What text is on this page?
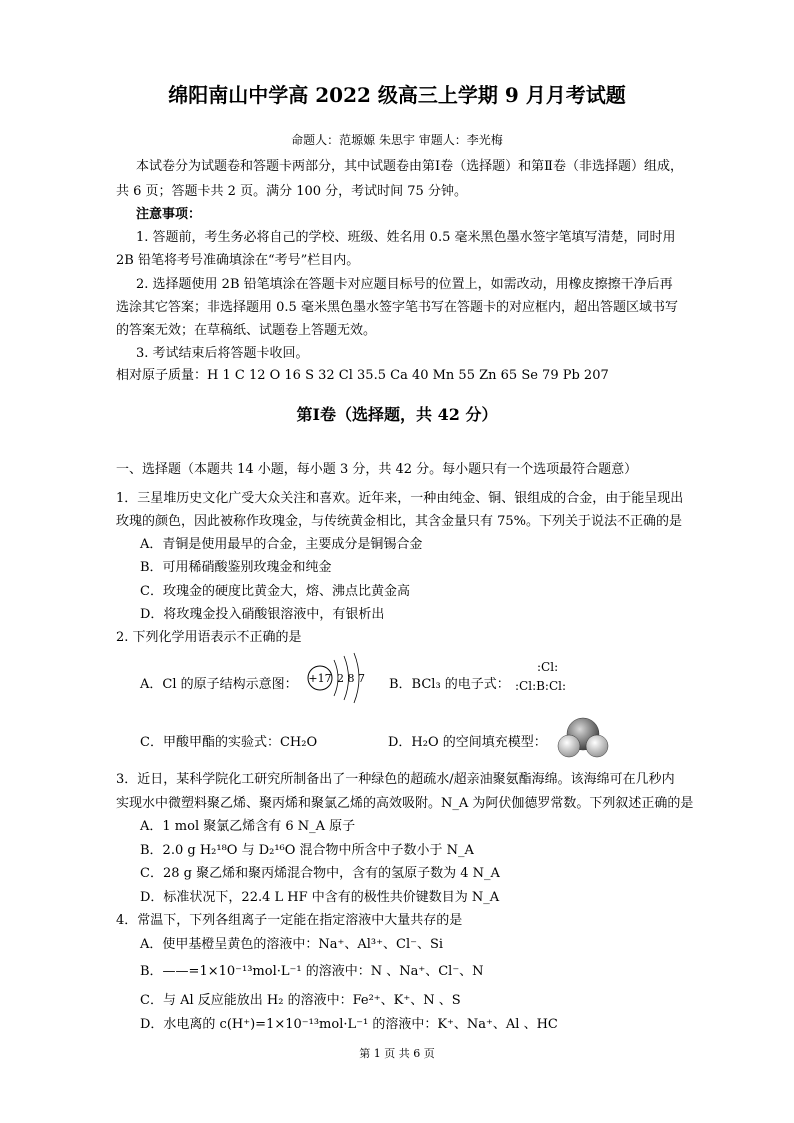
绵阳南山中学高 2022 级高三上学期 9 月月考试题
命题人：范塬嫄 朱思宇 审题人：李光梅
本试卷分为试题卷和答题卡两部分，其中试题卷由第Ⅰ卷（选择题）和第Ⅱ卷（非选择题）组成，
共 6 页；答题卡共 2 页。满分 100 分，考试时间 75 分钟。
注意事项：
1. 答题前，考生务必将自己的学校、班级、姓名用 0.5 毫米黑色墨水签字笔填写清楚，同时用
2B 铅笔将考号准确填涂在“考号”栏目内。
2. 选择题使用 2B 铅笔填涂在答题卡对应题目标号的位置上，如需改动，用橡皮擦擦干净后再
选涂其它答案；非选择题用 0.5 毫米黑色墨水签字笔书写在答题卡的对应框内，超出答题区域书写
的答案无效；在草稿纸、试题卷上答题无效。
3. 考试结束后将答题卡收回。
相对原子质量：H 1 C 12 O 16 S 32 Cl 35.5 Ca 40 Mn 55 Zn 65 Se 79 Pb 207
第Ⅰ卷（选择题，共 42 分）
一、选择题（本题共 14 小题，每小题 3 分，共 42 分。每小题只有一个选项最符合题意）
1．三星堆历史文化广受大众关注和喜欢。近年来，一种由纯金、铜、银组成的合金，由于能呈现出
玫瑰的颜色，因此被称作玫瑰金，与传统黄金相比，其含金量只有 75%。下列关于说法不正确的是
A．青铜是使用最早的合金，主要成分是铜锡合金
B．可用稀硝酸鉴别玫瑰金和纯金
C．玫瑰金的硬度比黄金大，熔、沸点比黄金高
D．将玫瑰金投入硝酸银溶液中，有银析出
2. 下列化学用语表示不正确的是
A．Cl 的原子结构示意图： +17 2 8 7 B．BCl₃ 的电子式：
:Cl:
:Cl:B:Cl:
C．甲酸甲酯的实验式：CH₂O	D．H₂O 的空间填充模型：
3．近日，某科学院化工研究所制备出了一种绿色的超疏水/超亲油聚氨酯海绵。该海绵可在几秒内
实现水中微塑料聚乙烯、聚丙烯和聚氯乙烯的高效吸附。N_A 为阿伏伽德罗常数。下列叙述正确的是
A．1 mol 聚氯乙烯含有 6 N_A 原子
B．2.0 g H₂¹⁸O 与 D₂¹⁶O 混合物中所含中子数小于 N_A
C．28 g 聚乙烯和聚丙烯混合物中，含有的氢原子数为 4 N_A
D．标准状况下，22.4 L HF 中含有的极性共价键数目为 N_A
4．常温下，下列各组离子一定能在指定溶液中大量共存的是
A．使甲基橙呈黄色的溶液中：Na⁺、Al³⁺、Cl⁻、Si
B．——=1×10⁻¹³mol·L⁻¹ 的溶液中：N 、Na⁺、Cl⁻、N
C．与 Al 反应能放出 H₂ 的溶液中：Fe²⁺、K⁺、N 、S
D．水电离的 c(H⁺)=1×10⁻¹³mol·L⁻¹ 的溶液中：K⁺、Na⁺、Al 、HC
第 1 页 共 6 页
